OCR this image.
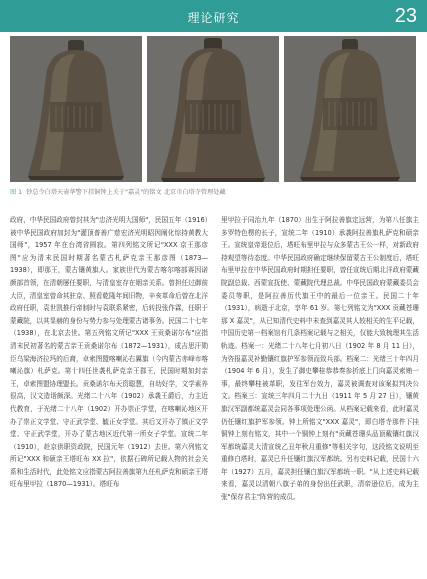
理论研究	23
图 1 钞总令白塔天壶华警下挂铜钟上关于"嘉灵"的铭文 北京市白塔寺管理处藏

政府，中华民国政府曾封其为"忠济光明大国师"，民国五年（1916）被中华民国政府加封为"灌顶普善广慈宏济光明昭因阐化综持黄教大国师"，1957 年在台湾省圆寂。第四列铭文所记"XXX 京王那彦图"应为清末民国时期著名蒙古札萨克亲王那彦图（1873—1938），即那王，蒙古镶黄旗人。家族世代为蒙古喀尔喀部赛因诺颜部首领，在清朝屡任要职，与清皇室存在姻亲关系。曾担任过御前大臣，清皇室曾命其驻京、照看乾隆年间旧物，辛亥革命后曾在北洋政府任职，袁世凯推行帝制时与袁联系紧密，后转投张作霖，任职于蒙藏院，以其显赫的身份与势力参与处理蒙古诸事务。民国二十七年（1938），在北京去世。第五列铭文所记"XXX 王贡桑诺尔布"应指清末民初著名的蒙古亲王贡桑诺尔布（1872—1931），成吉思汗勋臣乌梁海济拉玛的后裔，卓索图盟喀喇沁右翼旗（今内蒙古赤峰市喀喇沁旗）札萨克。第十四任世袭札萨克亲王郡王，民国时期加封亲王，卓索图盟协理盟长。贡桑诺尔布天资聪慧，自幼好学，文学素养很高，汉文造诣颇深。光绪二十八年（1902）承袭王爵后，力主近代教育，于光绪二十八年（1902）开办崇正学堂，在喀喇沁地区开办了崇正文学堂、守正武学堂、毓正女学堂。其后又开办了镇正文学堂、守正武学堂，开办了蒙古地区近代第一所女子学堂。宣统二年（1910），赴京供职资政院，民国元年（1912）去世。第六列铭文所记"XXX 和硕亲王塔旺布 XX 拉"，依据石碑所记载人物的社会关系和生活时代，此处铭文应指蒙古阿拉善旗第九任札萨克和硕亲王塔旺布里甲拉（1870—1931）。塔旺布

里甲拉于同治九年（1870）出生于阿拉善旗定远营，为第八任旗主多罗特色楞的长子，宣统二年（1910）承袭阿拉善旗札萨克和硕亲王。宣统皇帝退位后，塔旺布里甲拉与众多蒙古王公一样，对新政府持观望等待态度。中华民国政府确定继续保留蒙古王公制度后，塔旺布里甲拉在中华民国政府时期担任要职，曾任宣统后期北洋政府蒙藏院副总裁、西蒙宣抚使、蒙藏院代理总裁。中华民国政府蒙藏委员会委员等职，是阿拉善历代旗王中的最后一位亲王。民国二十年（1931），病逝于北京，享年 61 岁。第七列铭文为"XXX 贡藏苍珊那 X 嘉灵"，从已知清代史料中未查到嘉灵其人较相关的生平记载，中国历史第一档案馆有几条档案记载与之相关，仅能大致梳理其生活轨迹。档案一：光绪二十八年七月初八日（1902 年 8 月 11 日），为咨报嘉灵补勤镶红旗护军参领而致兵部。档案二：光绪三十年四月（1904 年 6 月），发生了御史攀桂恭恭奏参折底上门向嘉灵索贿一事，最终攀桂被革职，发往军台效力，嘉灵被调查对该案拟判决公文。档案三：宣统三年四月二十九日（1911 年 5 月 27 日），镶黄旗汉军副都统嘉灵会同各事项处理公函。从档案记载来看，此时嘉灵仍任镶红旗护军参领。钟上所铭文"XXX 嘉灵"，即白塔寺那件下挂铜钟上刻有铭文，其中一个铜钟上刻有"贡藏苍珊头品顶戴镶红旗汉军都统嘉灵大清宣统乙丑年秋月重修"等相关字句，这段铭文说明至重修白塔时，嘉灵已升任镶红旗汉军都统。另有史料记载，民国十六年（1927）五月，嘉灵担任镶白旗汉军都统一职。"从上述史料记载来看，嘉灵以清朝八旗子弟的身份出任武职，清帝逊位后，成为主张"保存君主"阵营的成员。
